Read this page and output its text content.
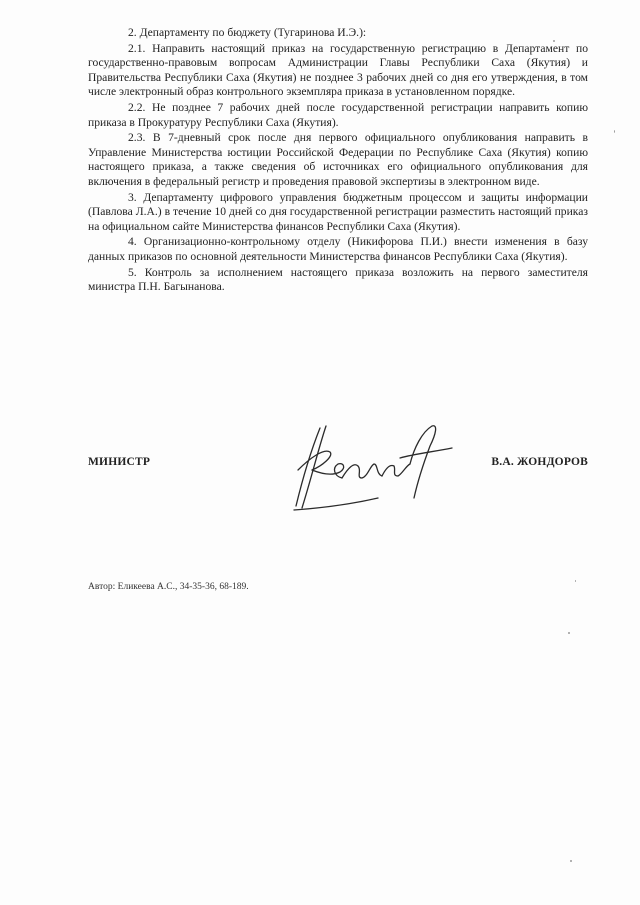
2. Департаменту по бюджету (Тугаринова И.Э.):

2.1. Направить настоящий приказ на государственную регистрацию в Департамент по государственно-правовым вопросам Администрации Главы Республики Саха (Якутия) и Правительства Республики Саха (Якутия) не позднее 3 рабочих дней со дня его утверждения, в том числе электронный образ контрольного экземпляра приказа в установленном порядке.

2.2. Не позднее 7 рабочих дней после государственной регистрации направить копию приказа в Прокуратуру Республики Саха (Якутия).

2.3. В 7-дневный срок после дня первого официального опубликования направить в Управление Министерства юстиции Российской Федерации по Республике Саха (Якутия) копию настоящего приказа, а также сведения об источниках его официального опубликования для включения в федеральный регистр и проведения правовой экспертизы в электронном виде.

3. Департаменту цифрового управления бюджетным процессом и защиты информации (Павлова Л.А.) в течение 10 дней со дня государственной регистрации разместить настоящий приказ на официальном сайте Министерства финансов Республики Саха (Якутия).

4. Организационно-контрольному отделу (Никифорова П.И.) внести изменения в базу данных приказов по основной деятельности Министерства финансов Республики Саха (Якутия).

5. Контроль за исполнением настоящего приказа возложить на первого заместителя министра П.Н. Багынанова.

МИНИСТР	В.А. ЖОНДОРОВ
Автор: Еликеева А.С., 34-35-36, 68-189.
